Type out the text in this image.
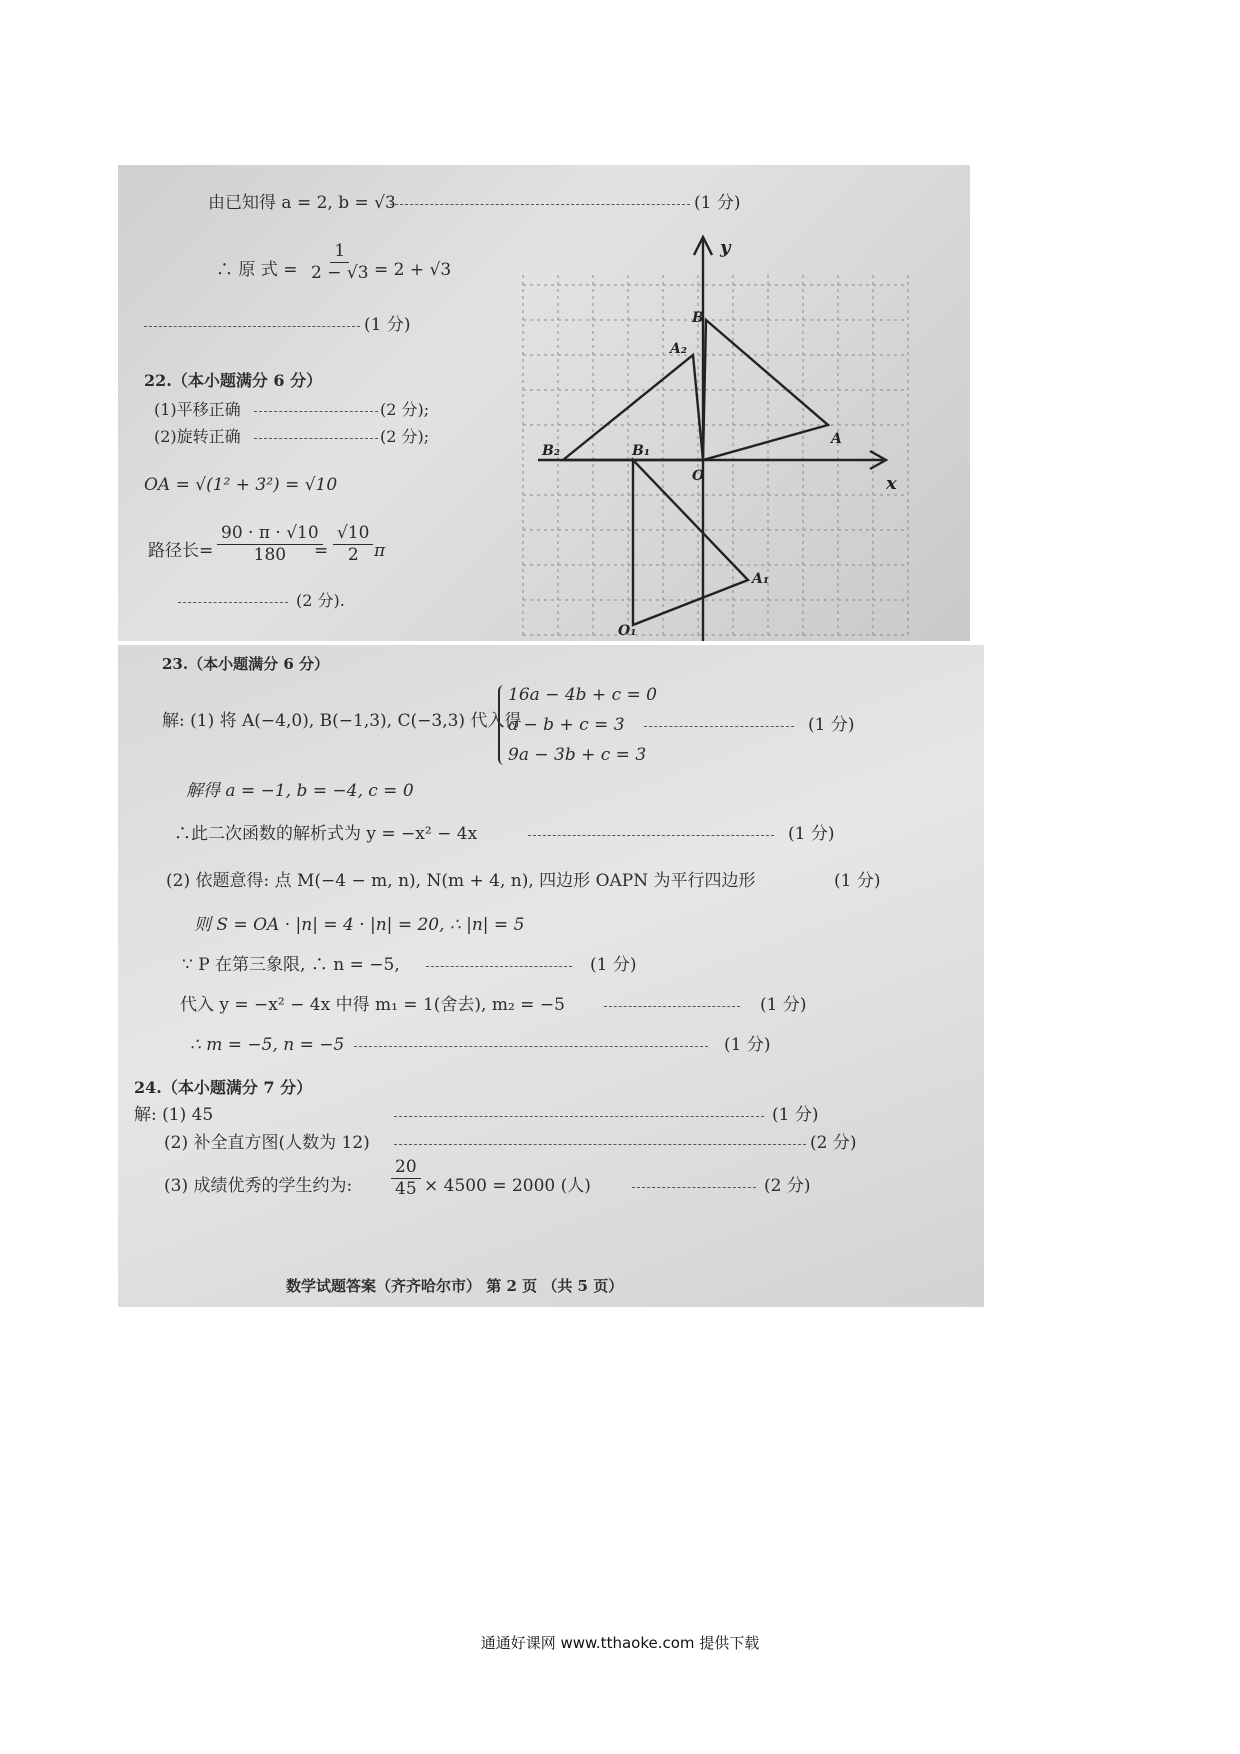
由已知得 a = 2, b = √3	(1 分)
∴ 原 式 = $\frac{1}{2 - √3} = 2 + √3$
(1 分)
22.（本小题满分 6 分）
(1)平移正确	(2 分);
(2)旋转正确	(2 分);
OA = √(1² + 3²) = √10
路径长= $\frac{90 \cdot \pi \cdot √10}{180}$
= $\frac{√10}{2}$ π
(2 分).
y
x
O
B
A
A₂
B₂	B₁
A₁
O₁
23.（本小题满分 6 分）
解: (1) 将 A(−4,0), B(−1,3), C(−3,3) 代入得
16a − 4b + c = 0
a − b + c = 3
9a − 3b + c = 3
(1 分)
解得 a = −1, b = −4, c = 0
∴此二次函数的解析式为 y = −x² − 4x	(1 分)
(2) 依题意得: 点 M(−4 − m, n), N(m + 4, n), 四边形 OAPN 为平行四边形	(1 分)
则 S = OA · |n| = 4 · |n| = 20, ∴ |n| = 5
∵ P 在第三象限, ∴ n = −5,	(1 分)
代入 y = −x² − 4x 中得 m₁ = 1(舍去), m₂ = −5	(1 分)
∴ m = −5, n = −5	(1 分)
24.（本小题满分 7 分）
解: (1) 45	(1 分)
(2) 补全直方图(人数为 12)	(2 分)
(3) 成绩优秀的学生约为: $\frac{20}{45} \times 4500 = 2000$ (人)	(2 分)
数学试题答案（齐齐哈尔市） 第 2 页 （共 5 页）
通通好课网 www.tthaoke.com 提供下载
